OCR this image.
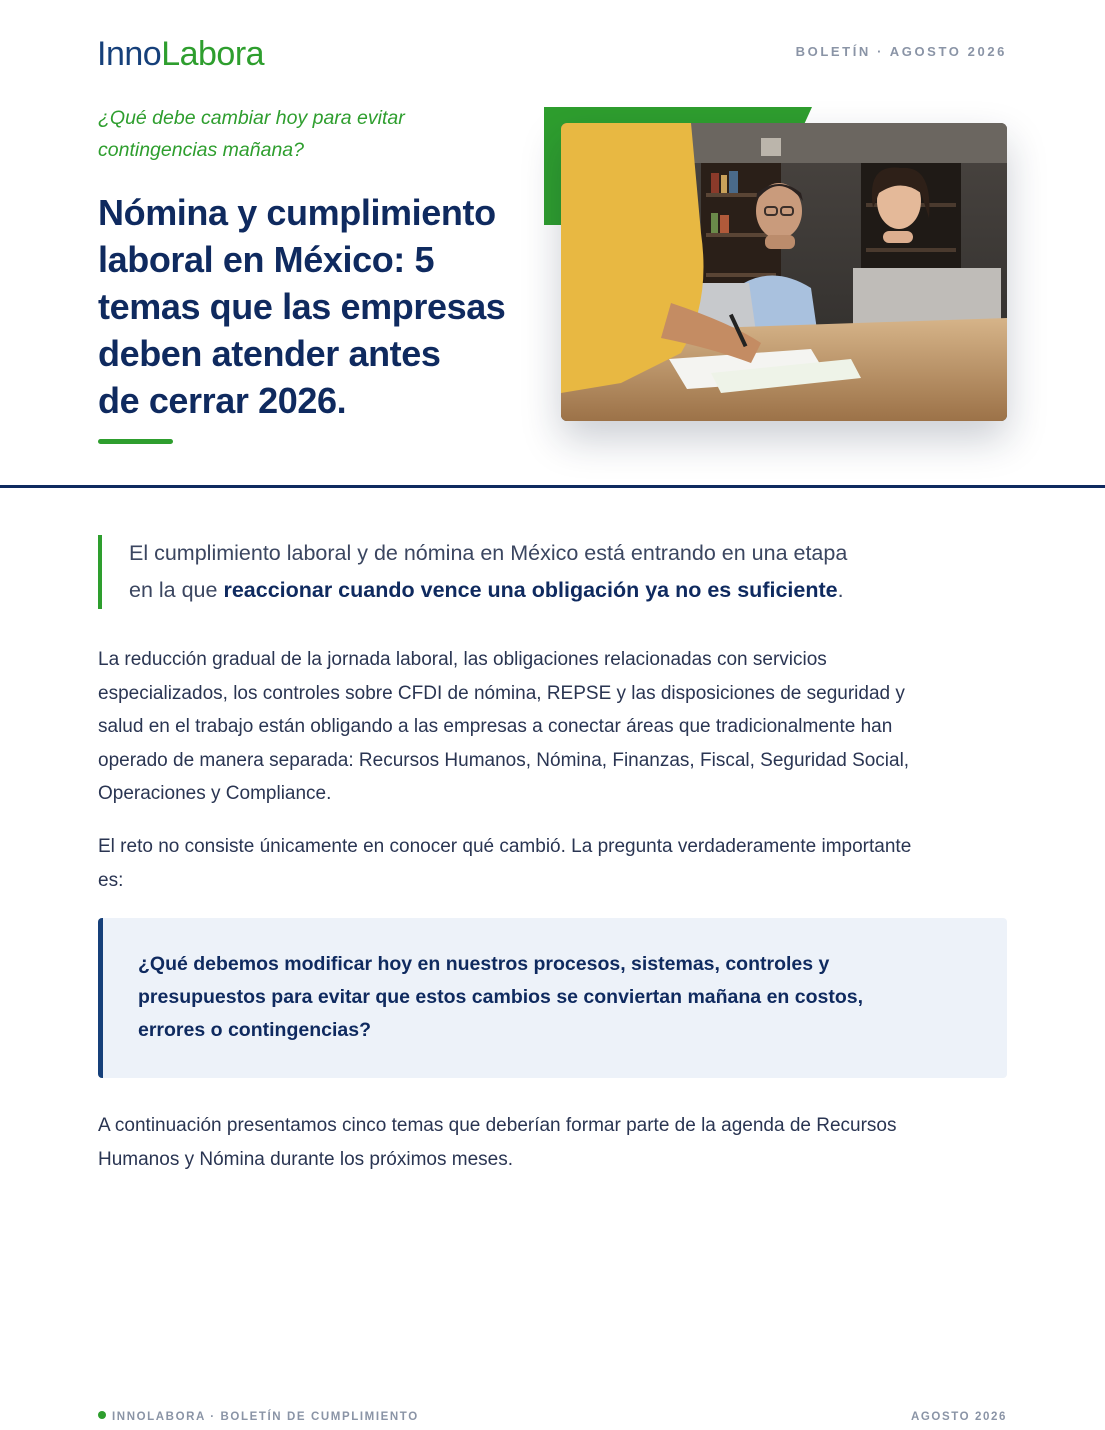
InnoLabora	BOLETÍN · AGOSTO 2026
¿Qué debe cambiar hoy para evitar
contingencias mañana?
Nómina y cumplimiento
laboral en México: 5
temas que las empresas
deben atender antes
de cerrar 2026.
El cumplimiento laboral y de nómina en México está entrando en una etapa
en la que reaccionar cuando vence una obligación ya no es suficiente.

La reducción gradual de la jornada laboral, las obligaciones relacionadas con servicios especializados, los controles sobre CFDI de nómina, REPSE y las disposiciones de seguridad y salud en el trabajo están obligando a las empresas a conectar áreas que tradicionalmente han operado de manera separada: Recursos Humanos, Nómina, Finanzas, Fiscal, Seguridad Social, Operaciones y Compliance.

El reto no consiste únicamente en conocer qué cambió. La pregunta verdaderamente importante es:

¿Qué debemos modificar hoy en nuestros procesos, sistemas, controles y presupuestos para evitar que estos cambios se conviertan mañana en costos, errores o contingencias?

A continuación presentamos cinco temas que deberían formar parte de la agenda de Recursos Humanos y Nómina durante los próximos meses.

INNOLABORA · BOLETÍN DE CUMPLIMIENTO	AGOSTO 2026
